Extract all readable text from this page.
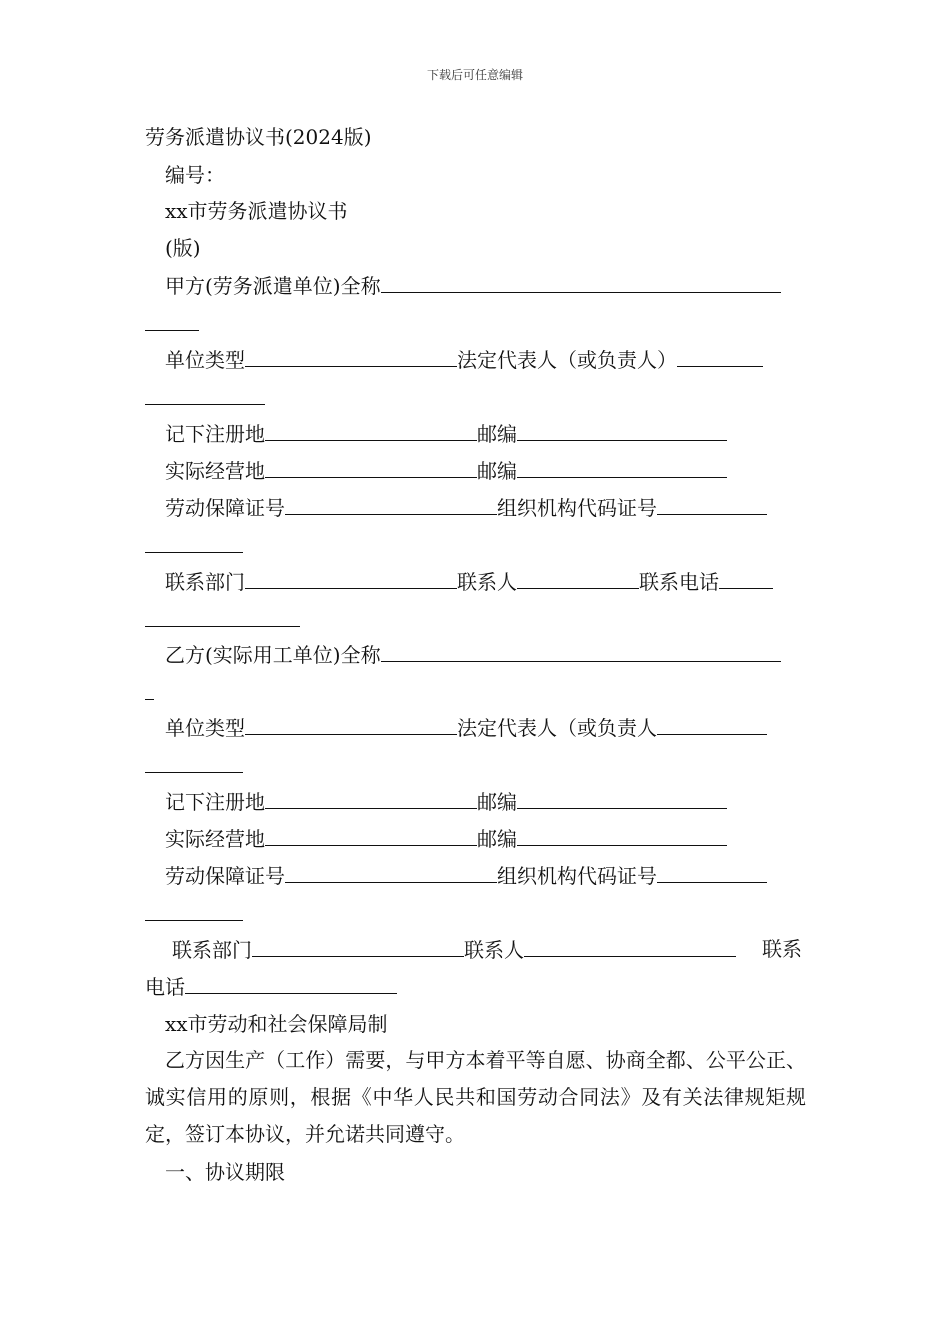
下载后可任意编辑
劳务派遣协议书(2024版)
编号：
xx市劳务派遣协议书
(版)
甲方(劳务派遣单位)全称
单位类型	法定代表人（或负责人）
记下注册地	邮编
实际经营地	邮编
劳动保障证号	组织机构代码证号
联系部门	联系人	联系电话
乙方(实际用工单位)全称
单位类型	法定代表人（或负责人
记下注册地	邮编
实际经营地	邮编
劳动保障证号	组织机构代码证号
联系部门	联系人	联系
电话
xx市劳动和社会保障局制
乙方因生产（工作）需要，与甲方本着平等自愿、协商全都、公平公正、诚实信用的原则，根据《中华人民共和国劳动合同法》及有关法律规矩规定，签订本协议，并允诺共同遵守。
一、协议期限
